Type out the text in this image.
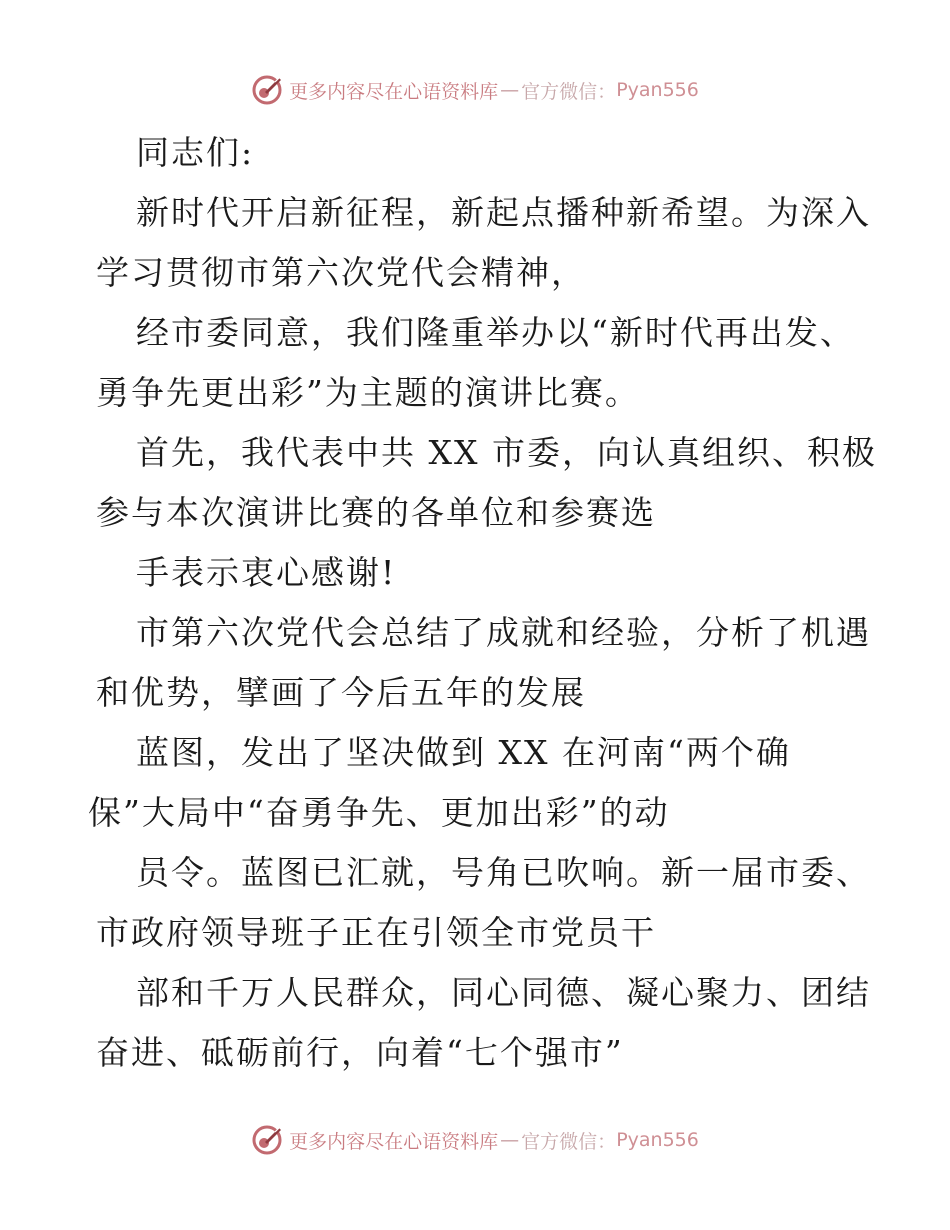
更多内容尽在心语资料库 — 官方微信： Pyan556
同志们:
新时代开启新征程，新起点播种新希望。为深入
学习贯彻市第六次党代会精神，
经市委同意，我们隆重举办以“新时代再出发、
勇争先更出彩”为主题的演讲比赛。
首先，我代表中共 XX 市委，向认真组织、积极
参与本次演讲比赛的各单位和参赛选
手表示衷心感谢!
市第六次党代会总结了成就和经验，分析了机遇
和优势，擘画了今后五年的发展
蓝图，发出了坚决做到 XX 在河南“两个确
保”大局中“奋勇争先、更加出彩”的动
员令。蓝图已汇就，号角已吹响。新一届市委、
市政府领导班子正在引领全市党员干
部和千万人民群众，同心同德、凝心聚力、团结
奋进、砥砺前行，向着“七个强市”
更多内容尽在心语资料库 — 官方微信： Pyan556
